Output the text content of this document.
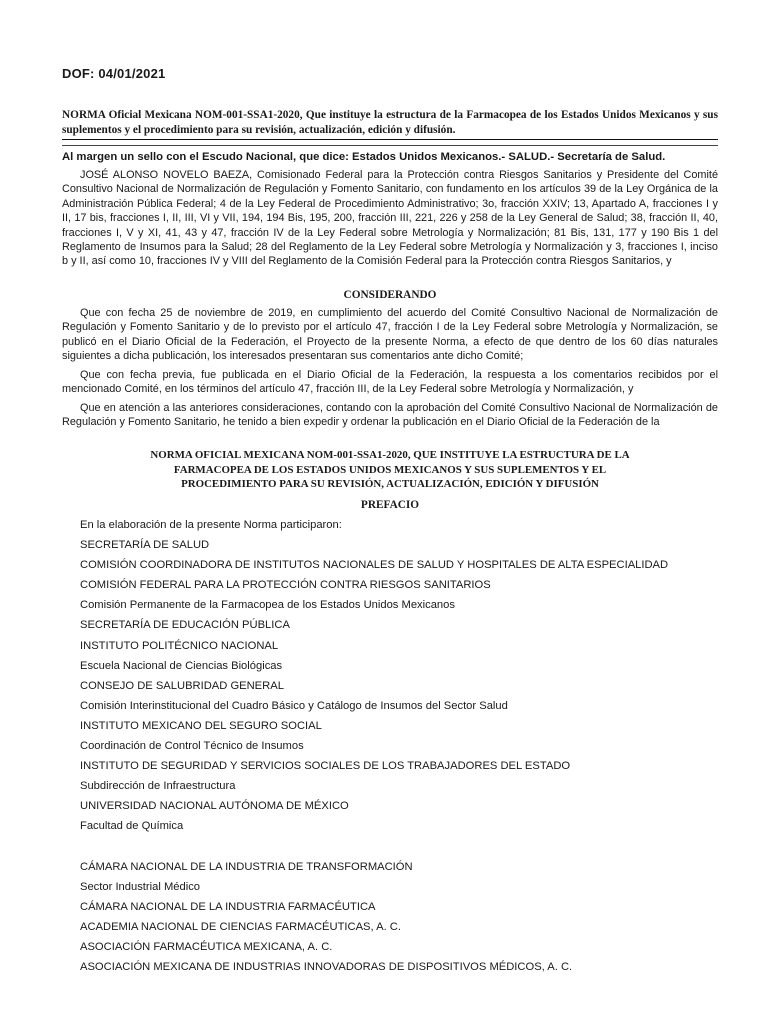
DOF: 04/01/2021
NORMA Oficial Mexicana NOM-001-SSA1-2020, Que instituye la estructura de la Farmacopea de los Estados Unidos Mexicanos y sus suplementos y el procedimiento para su revisión, actualización, edición y difusión.
Al margen un sello con el Escudo Nacional, que dice: Estados Unidos Mexicanos.- SALUD.- Secretaría de Salud.
JOSÉ ALONSO NOVELO BAEZA, Comisionado Federal para la Protección contra Riesgos Sanitarios y Presidente del Comité Consultivo Nacional de Normalización de Regulación y Fomento Sanitario, con fundamento en los artículos 39 de la Ley Orgánica de la Administración Pública Federal; 4 de la Ley Federal de Procedimiento Administrativo; 3o, fracción XXIV; 13, Apartado A, fracciones I y II, 17 bis, fracciones I, II, III, VI y VII, 194, 194 Bis, 195, 200, fracción III, 221, 226 y 258 de la Ley General de Salud; 38, fracción II, 40, fracciones I, V y XI, 41, 43 y 47, fracción IV de la Ley Federal sobre Metrología y Normalización; 81 Bis, 131, 177 y 190 Bis 1 del Reglamento de Insumos para la Salud; 28 del Reglamento de la Ley Federal sobre Metrología y Normalización y 3, fracciones I, inciso b y II, así como 10, fracciones IV y VIII del Reglamento de la Comisión Federal para la Protección contra Riesgos Sanitarios, y
CONSIDERANDO
Que con fecha 25 de noviembre de 2019, en cumplimiento del acuerdo del Comité Consultivo Nacional de Normalización de Regulación y Fomento Sanitario y de lo previsto por el artículo 47, fracción I de la Ley Federal sobre Metrología y Normalización, se publicó en el Diario Oficial de la Federación, el Proyecto de la presente Norma, a efecto de que dentro de los 60 días naturales siguientes a dicha publicación, los interesados presentaran sus comentarios ante dicho Comité;
Que con fecha previa, fue publicada en el Diario Oficial de la Federación, la respuesta a los comentarios recibidos por el mencionado Comité, en los términos del artículo 47, fracción III, de la Ley Federal sobre Metrología y Normalización, y
Que en atención a las anteriores consideraciones, contando con la aprobación del Comité Consultivo Nacional de Normalización de Regulación y Fomento Sanitario, he tenido a bien expedir y ordenar la publicación en el Diario Oficial de la Federación de la
NORMA OFICIAL MEXICANA NOM-001-SSA1-2020, QUE INSTITUYE LA ESTRUCTURA DE LA
FARMACOPEA DE LOS ESTADOS UNIDOS MEXICANOS Y SUS SUPLEMENTOS Y EL
PROCEDIMIENTO PARA SU REVISIÓN, ACTUALIZACIÓN, EDICIÓN Y DIFUSIÓN
PREFACIO
En la elaboración de la presente Norma participaron:
SECRETARÍA DE SALUD
COMISIÓN COORDINADORA DE INSTITUTOS NACIONALES DE SALUD Y HOSPITALES DE ALTA ESPECIALIDAD
COMISIÓN FEDERAL PARA LA PROTECCIÓN CONTRA RIESGOS SANITARIOS
Comisión Permanente de la Farmacopea de los Estados Unidos Mexicanos
SECRETARÍA DE EDUCACIÓN PÚBLICA
INSTITUTO POLITÉCNICO NACIONAL
Escuela Nacional de Ciencias Biológicas
CONSEJO DE SALUBRIDAD GENERAL
Comisión Interinstitucional del Cuadro Básico y Catálogo de Insumos del Sector Salud
INSTITUTO MEXICANO DEL SEGURO SOCIAL
Coordinación de Control Técnico de Insumos
INSTITUTO DE SEGURIDAD Y SERVICIOS SOCIALES DE LOS TRABAJADORES DEL ESTADO
Subdirección de Infraestructura
UNIVERSIDAD NACIONAL AUTÓNOMA DE MÉXICO
Facultad de Química
CÁMARA NACIONAL DE LA INDUSTRIA DE TRANSFORMACIÓN
Sector Industrial Médico
CÁMARA NACIONAL DE LA INDUSTRIA FARMACÉUTICA
ACADEMIA NACIONAL DE CIENCIAS FARMACÉUTICAS, A. C.
ASOCIACIÓN FARMACÉUTICA MEXICANA, A. C.
ASOCIACIÓN MEXICANA DE INDUSTRIAS INNOVADORAS DE DISPOSITIVOS MÉDICOS, A. C.
